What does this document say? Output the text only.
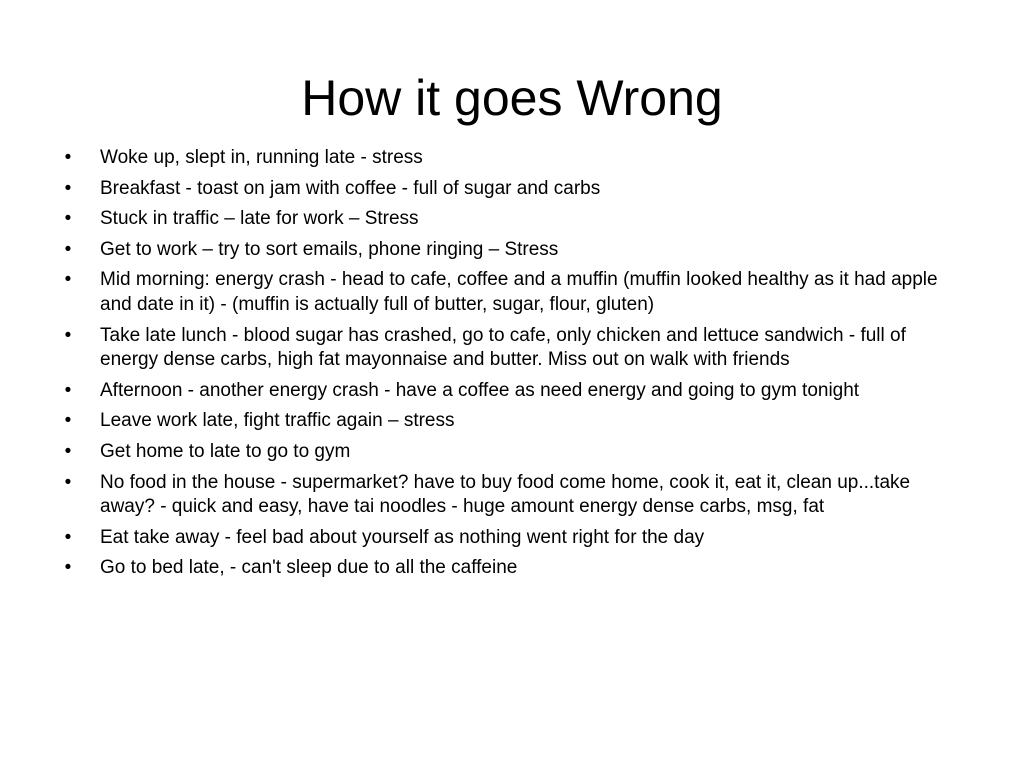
How it goes Wrong
• Woke up, slept in, running late - stress
• Breakfast - toast on jam with coffee - full of sugar and carbs
• Stuck in traffic – late for work – Stress
• Get to work – try to sort emails, phone ringing – Stress
• Mid morning: energy crash - head to cafe, coffee and a muffin (muffin looked healthy as it had apple and date in it) - (muffin is actually full of butter, sugar, flour, gluten)
• Take late lunch - blood sugar has crashed, go to cafe, only chicken and lettuce sandwich - full of energy dense carbs, high fat mayonnaise and butter. Miss out on walk with friends
• Afternoon - another energy crash - have a coffee as need energy and going to gym tonight
• Leave work late, fight traffic again – stress
• Get home to late to go to gym
• No food in the house - supermarket? have to buy food come home, cook it, eat it, clean up...take away? - quick and easy, have tai noodles - huge amount energy dense carbs, msg, fat
• Eat take away - feel bad about yourself as nothing went right for the day
• Go to bed late, - can't sleep due to all the caffeine
